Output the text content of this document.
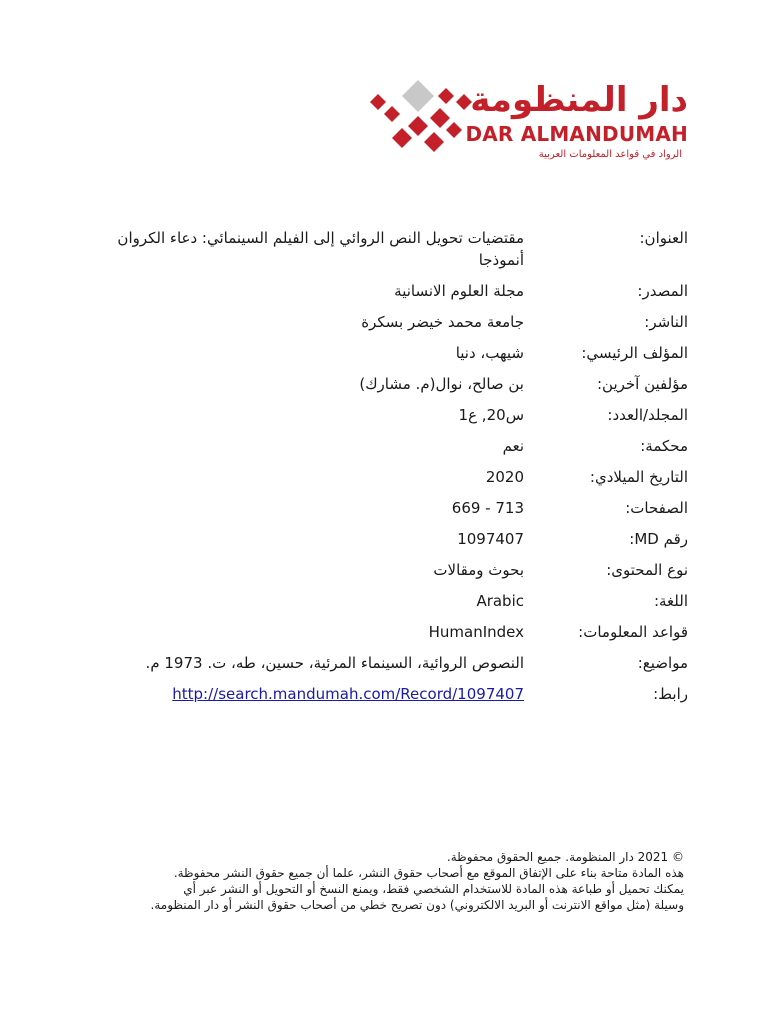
دار المنظومة
DAR ALMANDUMAH
الرواد في قواعد المعلومات العربية
العنوان:
مقتضيات تحويل النص الروائي إلى الفيلم السينمائي: دعاء الكروان أنموذجا
المصدر:
مجلة العلوم الانسانية
الناشر:
جامعة محمد خيضر بسكرة
المؤلف الرئيسي:
شيهب، دنيا
مؤلفين آخرين:
بن صالح، نوال(م. مشارك)
المجلد/العدد:
س20, ع1
محكمة:
نعم
التاريخ الميلادي:
2020
الصفحات:
669 - 713
رقم MD:
1097407
نوع المحتوى:
بحوث ومقالات
اللغة:
Arabic
قواعد المعلومات:
HumanIndex
مواضيع:
النصوص الروائية، السينماء المرئية، حسين، طه، ت. 1973 م.
رابط:
http://search.mandumah.com/Record/1097407

© 2021 دار المنظومة. جميع الحقوق محفوظة.

هذه المادة متاحة بناء على الإتفاق الموقع مع أصحاب حقوق النشر، علما أن جميع حقوق النشر محفوظة.

يمكنك تحميل أو طباعة هذه المادة للاستخدام الشخصي فقط، ويمنع النسخ أو التحويل أو النشر عبر أي

وسيلة (مثل مواقع الانترنت أو البريد الالكتروني) دون تصريح خطي من أصحاب حقوق النشر أو دار المنظومة.
